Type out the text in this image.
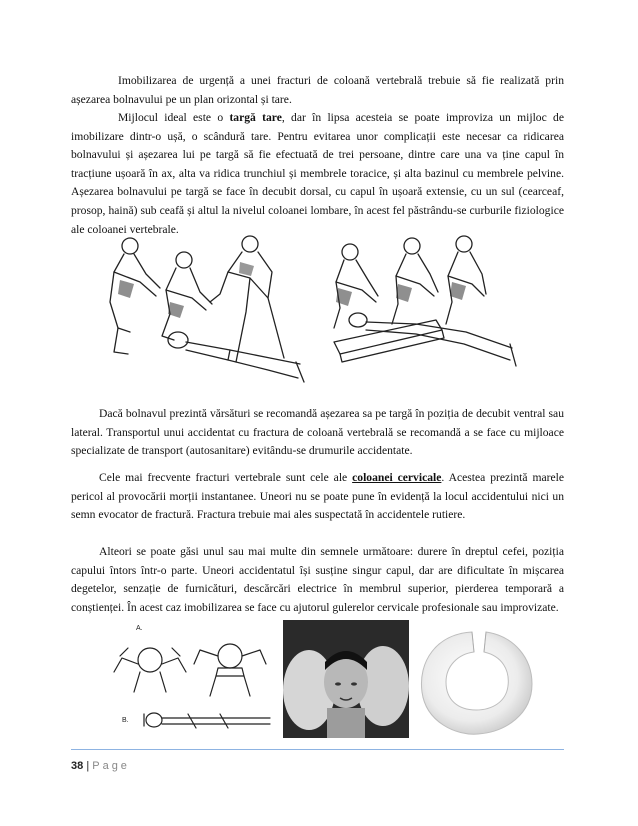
Imobilizarea de urgență a unei fracturi de coloană vertebrală trebuie să fie realizată prin așezarea bolnavului pe un plan orizontal și tare.

Mijlocul ideal este o targă tare, dar în lipsa acesteia se poate improviza un mijloc de imobilizare dintr-o ușă, o scândură tare. Pentru evitarea unor complicații este necesar ca ridicarea bolnavului și așezarea lui pe targă să fie efectuată de trei persoane, dintre care una va ține capul în tracțiune ușoară în ax, alta va ridica trunchiul și membrele toracice, și alta bazinul cu membrele pelvine. Așezarea bolnavului pe targă se face în decubit dorsal, cu capul în ușoară extensie, cu un sul (cearceaf, prosop, haină) sub ceafă și altul la nivelul coloanei lombare, în acest fel păstrându-se curburile fiziologice ale coloanei vertebrale.

Dacă bolnavul prezintă vărsături se recomandă așezarea sa pe targă în poziția de decubit ventral sau lateral. Transportul unui accidentat cu fractura de coloană vertebrală se recomandă a se face cu mijloace specializate de transport (autosanitare) evitându-se drumurile accidentate.

Cele mai frecvente fracturi vertebrale sunt cele ale coloanei cervicale. Acestea prezintă marele pericol al provocării morții instantanee. Uneori nu se poate pune în evidență la locul accidentului nici un semn evocator de fractură. Fractura trebuie mai ales suspectată în accidentele rutiere.

Alteori se poate găsi unul sau mai multe din semnele următoare: durere în dreptul cefei, poziția capului întors într-o parte. Uneori accidentatul își susține singur capul, dar are dificultate în mișcarea degetelor, senzație de furnicături, descărcări electrice în membrul superior, pierderea temporară a conștienței. În acest caz imobilizarea se face cu ajutorul gulerelor cervicale profesionale sau improvizate.

A.
B.
38 | Page
